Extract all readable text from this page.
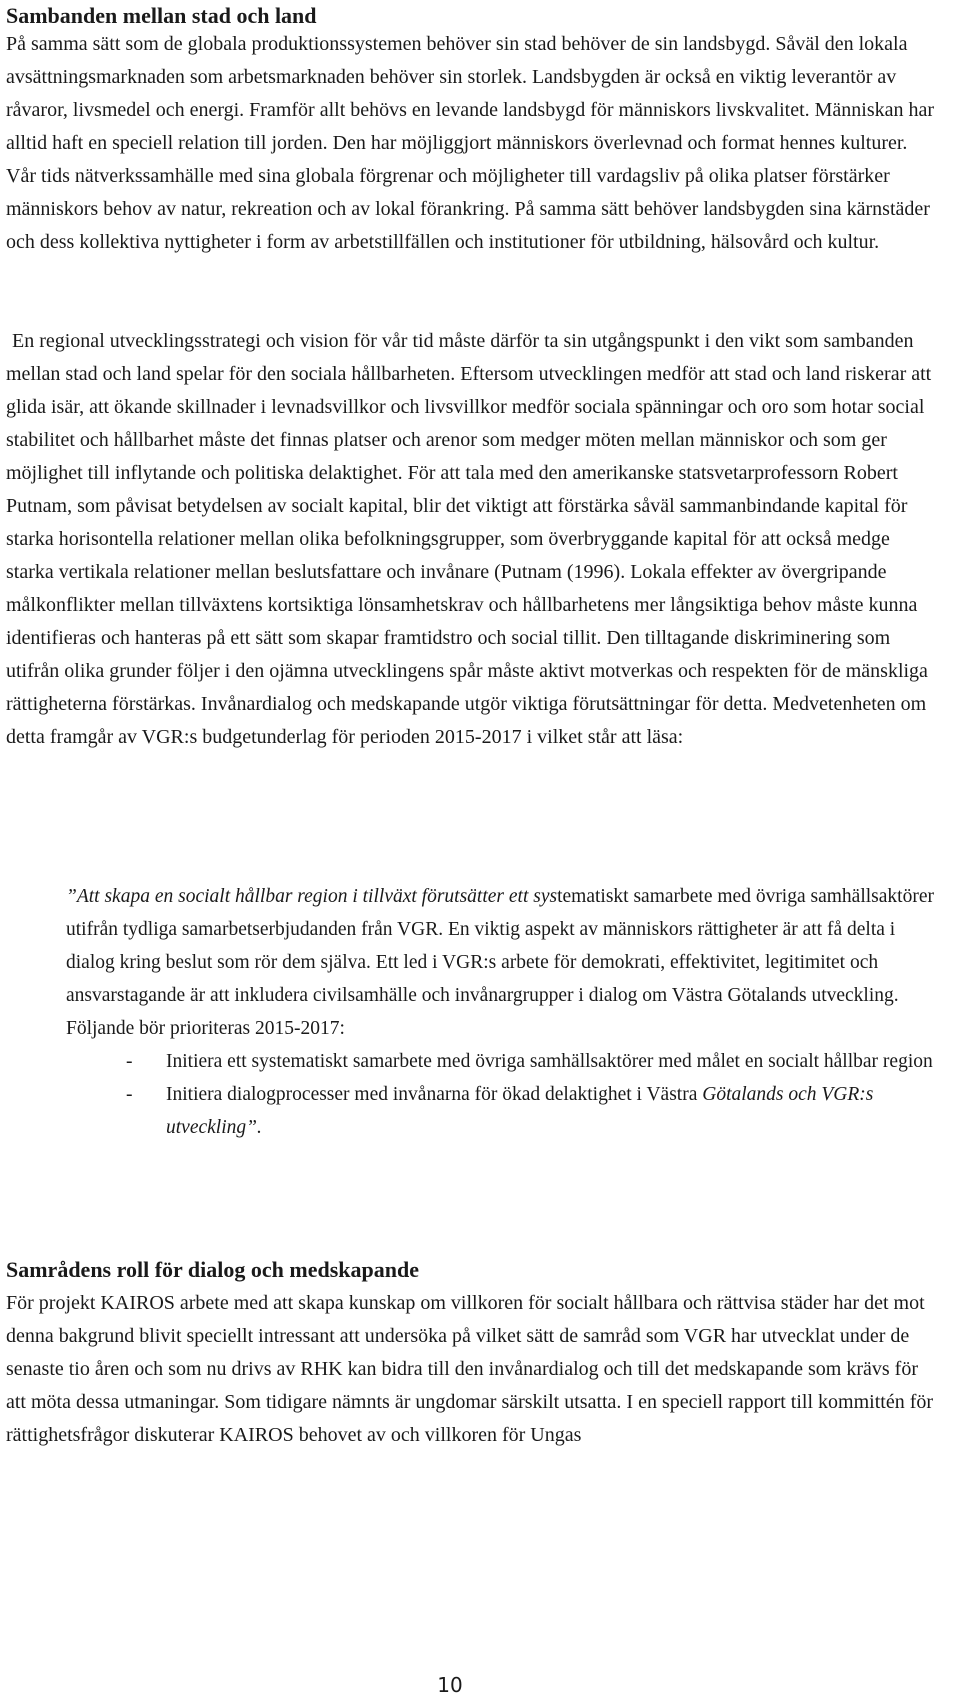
Sambanden mellan stad och land

På samma sätt som de globala produktionssystemen behöver sin stad behöver de sin landsbygd. Såväl den lokala avsättningsmarknaden som arbetsmarknaden behöver sin storlek. Landsbygden är också en viktig leverantör av råvaror, livsmedel och energi. Framför allt behövs en levande landsbygd för människors livskvalitet. Människan har alltid haft en speciell relation till jorden. Den har möjliggjort människors överlevnad och format hennes kulturer. Vår tids nätverkssamhälle med sina globala förgrenar och möjligheter till vardagsliv på olika platser förstärker människors behov av natur, rekreation och av lokal förankring. På samma sätt behöver landsbygden sina kärnstäder och dess kollektiva nyttigheter i form av arbetstillfällen och institutioner för utbildning, hälsovård och kultur.

En regional utvecklingsstrategi och vision för vår tid måste därför ta sin utgångspunkt i den vikt som sambanden mellan stad och land spelar för den sociala hållbarheten. Eftersom utvecklingen medför att stad och land riskerar att glida isär, att ökande skillnader i levnadsvillkor och livsvillkor medför sociala spänningar och oro som hotar social stabilitet och hållbarhet måste det finnas platser och arenor som medger möten mellan människor och som ger möjlighet till inflytande och politiska delaktighet. För att tala med den amerikanske statsvetarprofessorn Robert Putnam, som påvisat betydelsen av socialt kapital, blir det viktigt att förstärka såväl sammanbindande kapital för starka horisontella relationer mellan olika befolkningsgrupper, som överbryggande kapital för att också medge starka vertikala relationer mellan beslutsfattare och invånare (Putnam (1996). Lokala effekter av övergripande målkonflikter mellan tillväxtens kortsiktiga lönsamhetskrav och hållbarhetens mer långsiktiga behov måste kunna identifieras och hanteras på ett sätt som skapar framtidstro och social tillit. Den tilltagande diskriminering som utifrån olika grunder följer i den ojämna utvecklingens spår måste aktivt motverkas och respekten för de mänskliga rättigheterna förstärkas. Invånardialog och medskapande utgör viktiga förutsättningar för detta. Medvetenheten om detta framgår av VGR:s budgetunderlag för perioden 2015-2017 i vilket står att läsa:

”Att skapa en socialt hållbar region i tillväxt förutsätter ett systematiskt samarbete med övriga samhällsaktörer utifrån tydliga samarbetserbjudanden från VGR. En viktig aspekt av människors rättigheter är att få delta i dialog kring beslut som rör dem själva. Ett led i VGR:s arbete för demokrati, effektivitet, legitimitet och ansvarstagande är att inkludera civilsamhälle och invånargrupper i dialog om Västra Götalands utveckling. Följande bör prioriteras 2015-2017:

-	Initiera ett systematiskt samarbete med övriga samhällsaktörer med målet en socialt hållbar region
-	Initiera dialogprocesser med invånarna för ökad delaktighet i Västra Götalands och VGR:s utveckling”.
Samrådens roll för dialog och medskapande

För projekt KAIROS arbete med att skapa kunskap om villkoren för socialt hållbara och rättvisa städer har det mot denna bakgrund blivit speciellt intressant att undersöka på vilket sätt de samråd som VGR har utvecklat under de senaste tio åren och som nu drivs av RHK kan bidra till den invånardialog och till det medskapande som krävs för att möta dessa utmaningar. Som tidigare nämnts är ungdomar särskilt utsatta. I en speciell rapport till kommittén för rättighetsfrågor diskuterar KAIROS behovet av och villkoren för Ungas

10
